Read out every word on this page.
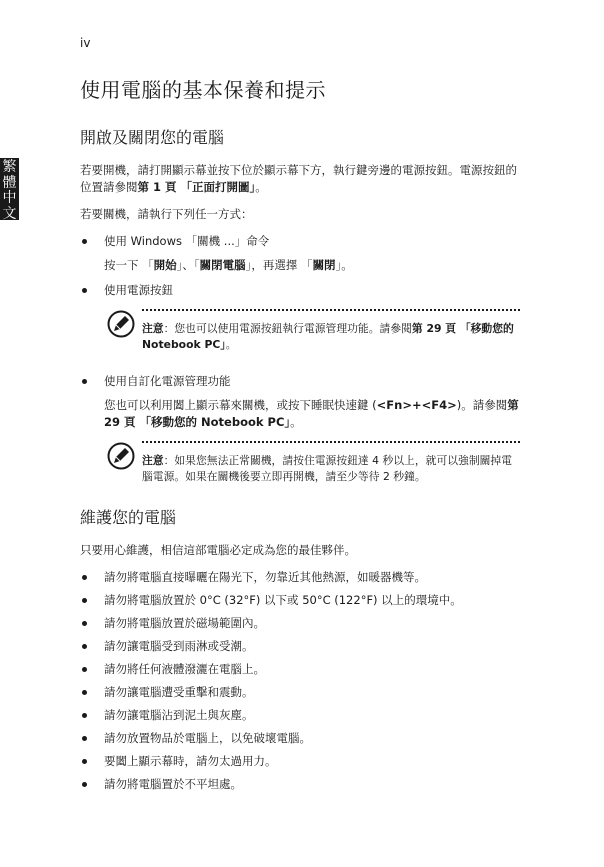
iv
繁
體
中
文
使用電腦的基本保養和提示
開啟及關閉您的電腦

若要開機，請打開顯示幕並按下位於顯示幕下方，執行鍵旁邊的電源按鈕。電源按鈕的位置請參閱第 1 頁 「正面打開圖」。

若要關機，請執行下列任一方式：

使用 Windows 「關機 ...」命令
按一下 「開始」、「關閉電腦」，再選擇 「關閉」。
使用電源按鈕
注意：您也可以使用電源按鈕執行電源管理功能。請參閱第 29 頁 「移動您的 Notebook PC」。
使用自訂化電源管理功能
您也可以利用闔上顯示幕來關機，或按下睡眠快速鍵 (<Fn>+<F4>)。請參閱第 29 頁 「移動您的 Notebook PC」。
注意：如果您無法正常關機，請按住電源按鈕達 4 秒以上，就可以強制關掉電腦電源。如果在關機後要立即再開機，請至少等待 2 秒鐘。
維護您的電腦

只要用心維護，相信這部電腦必定成為您的最佳夥伴。

請勿將電腦直接曝曬在陽光下，勿靠近其他熱源，如暖器機等。
請勿將電腦放置於 0°C (32°F) 以下或 50°C (122°F) 以上的環境中。
請勿將電腦放置於磁場範圍內。
請勿讓電腦受到雨淋或受潮。
請勿將任何液體潑灑在電腦上。
請勿讓電腦遭受重擊和震動。
請勿讓電腦沾到泥土與灰塵。
請勿放置物品於電腦上，以免破壞電腦。
要闔上顯示幕時，請勿太過用力。
請勿將電腦置於不平坦處。
